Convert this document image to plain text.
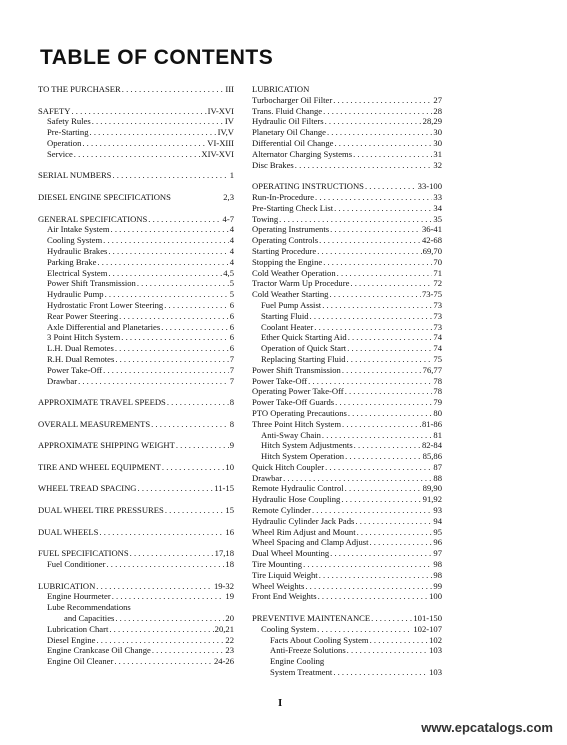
TABLE OF CONTENTS
TO THE PURCHASER . . .	III
SAFETY . . .	IV-XVI
Safety Rules . . .	IV
Pre-Starting . . .	IV,V
Operation . . .	VI-XIII
Service . . .	XIV-XVI
SERIAL NUMBERS . . .	1
DIESEL ENGINE SPECIFICATIONS	2,3
GENERAL SPECIFICATIONS . . .	4-7
Air Intake System . . .	4
Cooling System . . .	4
Hydraulic Brakes . . .	4
Parking Brake . . .	4
Electrical System . . .	4,5
Power Shift Transmission . . .	5
Hydraulic Pump . . .	5
Hydrostatic Front Lower Steering . . .	6
Rear Power Steering . . .	6
Axle Differential and Planetaries . . .	6
3 Point Hitch System . . .	6
L.H. Dual Remotes . . .	6
R.H. Dual Remotes . . .	7
Power Take-Off . . .	7
Drawbar . . .	7
APPROXIMATE TRAVEL SPEEDS . . .	8
OVERALL MEASUREMENTS . . .	8
APPROXIMATE SHIPPING WEIGHT . . .	9
TIRE AND WHEEL EQUIPMENT . . .	10
WHEEL TREAD SPACING . . .	11-15
DUAL WHEEL TIRE PRESSURES . . .	15
DUAL WHEELS . . .	16
FUEL SPECIFICATIONS . . .	17,18
Fuel Conditioner . . .	18
LUBRICATION . . .	19-32
Engine Hourmeter . . .	19
Lube Recommendations
and Capacities . . .	20
Lubrication Chart . . .	20,21
Diesel Engine . . .	22
Engine Crankcase Oil Change . . .	23
Engine Oil Cleaner . . .	24-26
LUBRICATION
Turbocharger Oil Filter . . .	27
Trans. Fluid Change . . .	28
Hydraulic Oil Filters . . .	28,29
Planetary Oil Change . . .	30
Differential Oil Change . . .	30
Alternator Charging Systems . . .	31
Disc Brakes . . .	32
OPERATING INSTRUCTIONS . . .	33-100
Run-In-Procedure . . .	33
Pre-Starting Check List . . .	34
Towing . . .	35
Operating Instruments . . .	36-41
Operating Controls . . .	42-68
Starting Procedure . . .	69,70
Stopping the Engine . . .	70
Cold Weather Operation . . .	71
Tractor Warm Up Procedure . . .	72
Cold Weather Starting . . .	73-75
Fuel Pump Assist . . .	73
Starting Fluid . . .	73
Coolant Heater . . .	73
Ether Quick Starting Aid . . .	74
Operation of Quick Start . . .	74
Replacing Starting Fluid . . .	75
Power Shift Transmission . . .	76,77
Power Take-Off . . .	78
Operating Power Take-Off . . .	78
Power Take-Off Guards . . .	79
PTO Operating Precautions . . .	80
Three Point Hitch System . . .	81-86
Anti-Sway Chain . . .	81
Hitch System Adjustments . . .	82-84
Hitch System Operation . . .	85,86
Quick Hitch Coupler . . .	87
Drawbar . . .	88
Remote Hydraulic Control . . .	89,90
Hydraulic Hose Coupling . . .	91,92
Remote Cylinder . . .	93
Hydraulic Cylinder Jack Pads . . .	94
Wheel Rim Adjust and Mount . . .	95
Wheel Spacing and Clamp Adjust . . .	96
Dual Wheel Mounting . . .	97
Tire Mounting . . .	98
Tire Liquid Weight . . .	98
Wheel Weights . . .	99
Front End Weights . . .	100
PREVENTIVE MAINTENANCE . . .	101-150
Cooling System . . .	102-107
Facts About Cooling System . . .	102
Anti-Freeze Solutions . . .	103
Engine Cooling
System Treatment . . .	103
I
www.epcatalogs.com
